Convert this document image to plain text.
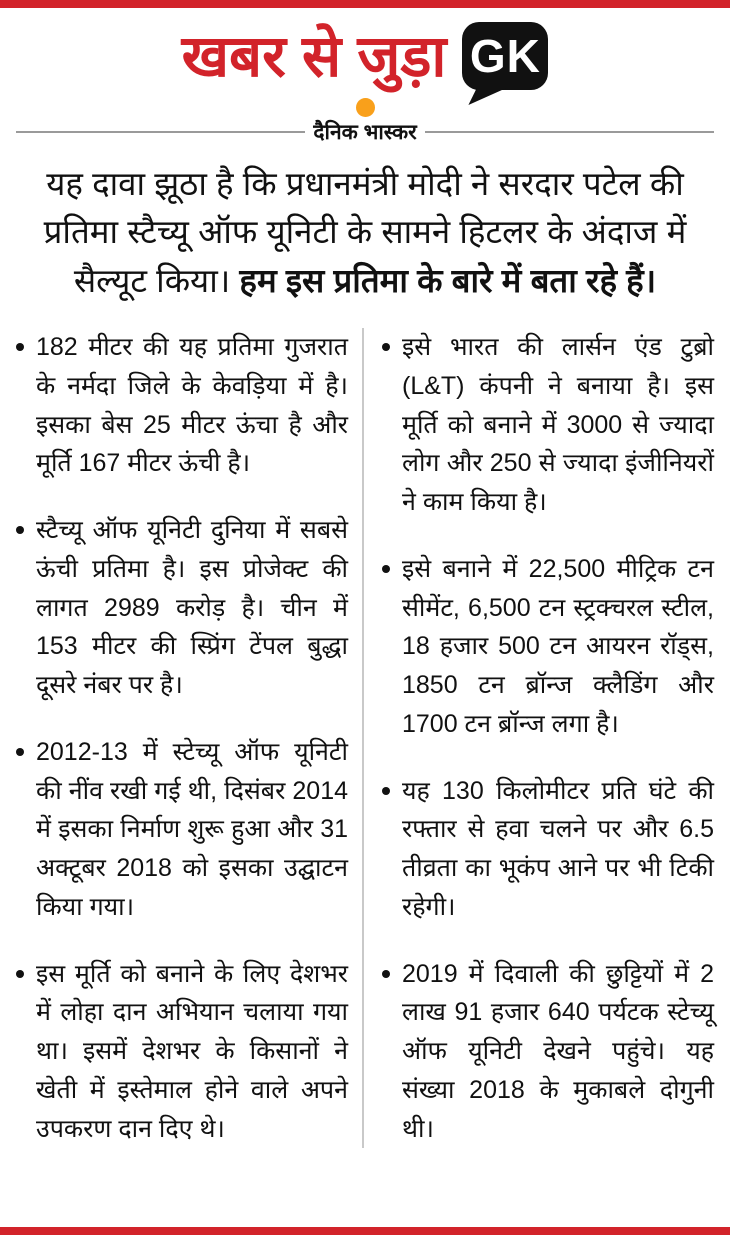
खबर से जुड़ा GK
दैनिक भास्कर

यह दावा झूठा है कि प्रधानमंत्री मोदी ने सरदार पटेल की प्रतिमा स्टैच्यू ऑफ यूनिटी के सामने हिटलर के अंदाज में सैल्यूट किया। हम इस प्रतिमा के बारे में बता रहे हैं।

182 मीटर की यह प्रतिमा गुजरात के नर्मदा जिले के केवड़िया में है। इसका बेस 25 मीटर ऊंचा है और मूर्ति 167 मीटर ऊंची है।
स्टैच्यू ऑफ यूनिटी दुनिया में सबसे ऊंची प्रतिमा है। इस प्रोजेक्ट की लागत 2989 करोड़ है। चीन में 153 मीटर की स्प्रिंग टेंपल बुद्धा दूसरे नंबर पर है।
2012-13 में स्टेच्यू ऑफ यूनिटी की नींव रखी गई थी, दिसंबर 2014 में इसका निर्माण शुरू हुआ और 31 अक्टूबर 2018 को इसका उद्घाटन किया गया।
इस मूर्ति को बनाने के लिए देशभर में लोहा दान अभियान चलाया गया था। इसमें देशभर के किसानों ने खेती में इस्तेमाल होने वाले अपने उपकरण दान दिए थे।
इसे भारत की लार्सन एंड टुब्रो (L&T) कंपनी ने बनाया है। इस मूर्ति को बनाने में 3000 से ज्यादा लोग और 250 से ज्यादा इंजीनियरों ने काम किया है।
इसे बनाने में 22,500 मीट्रिक टन सीमेंट, 6,500 टन स्ट्रक्चरल स्टील, 18 हजार 500 टन आयरन रॉड्स, 1850 टन ब्रॉन्ज क्लैडिंग और 1700 टन ब्रॉन्ज लगा है।
यह 130 किलोमीटर प्रति घंटे की रफ्तार से हवा चलने पर और 6.5 तीव्रता का भूकंप आने पर भी टिकी रहेगी।
2019 में दिवाली की छुट्टियों में 2 लाख 91 हजार 640 पर्यटक स्टेच्यू ऑफ यूनिटी देखने पहुंचे। यह संख्या 2018 के मुकाबले दोगुनी थी।
